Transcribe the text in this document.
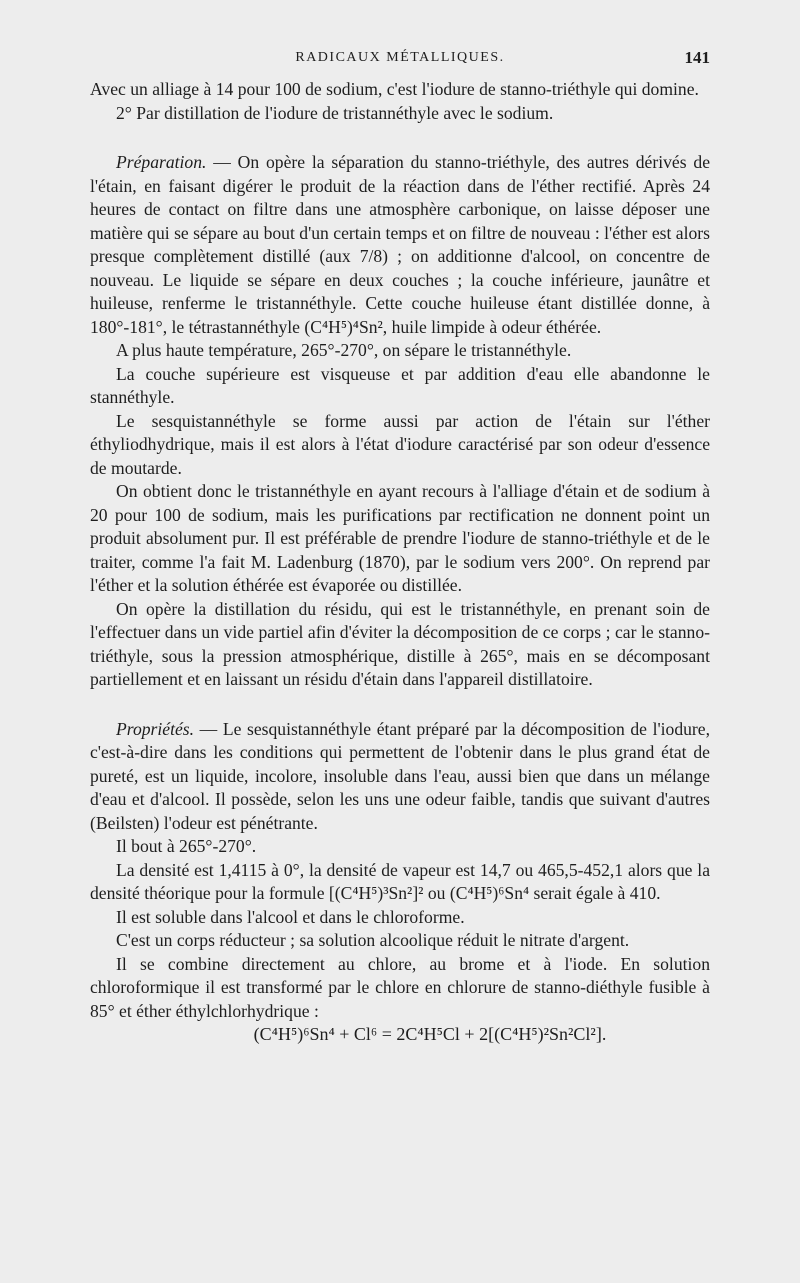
RADICAUX MÉTALLIQUES.	141

Avec un alliage à 14 pour 100 de sodium, c'est l'iodure de stanno-triéthyle qui domine.

2° Par distillation de l'iodure de tristannéthyle avec le sodium.

Préparation. — On opère la séparation du stanno-triéthyle, des autres dérivés de l'étain, en faisant digérer le produit de la réaction dans de l'éther rectifié. Après 24 heures de contact on filtre dans une atmosphère carbonique, on laisse déposer une matière qui se sépare au bout d'un certain temps et on filtre de nouveau : l'éther est alors presque complètement distillé (aux 7/8) ; on additionne d'alcool, on concentre de nouveau. Le liquide se sépare en deux couches ; la couche inférieure, jaunâtre et huileuse, renferme le tristannéthyle. Cette couche huileuse étant distillée donne, à 180°-181°, le tétrastannéthyle (C⁴H⁵)⁴Sn², huile limpide à odeur éthérée.

A plus haute température, 265°-270°, on sépare le tristannéthyle.

La couche supérieure est visqueuse et par addition d'eau elle abandonne le stannéthyle.

Le sesquistannéthyle se forme aussi par action de l'étain sur l'éther éthyliodhydrique, mais il est alors à l'état d'iodure caractérisé par son odeur d'essence de moutarde.

On obtient donc le tristannéthyle en ayant recours à l'alliage d'étain et de sodium à 20 pour 100 de sodium, mais les purifications par rectification ne donnent point un produit absolument pur. Il est préférable de prendre l'iodure de stanno-triéthyle et de le traiter, comme l'a fait M. Ladenburg (1870), par le sodium vers 200°. On reprend par l'éther et la solution éthérée est évaporée ou distillée.

On opère la distillation du résidu, qui est le tristannéthyle, en prenant soin de l'effectuer dans un vide partiel afin d'éviter la décomposition de ce corps ; car le stanno-triéthyle, sous la pression atmosphérique, distille à 265°, mais en se décomposant partiellement et en laissant un résidu d'étain dans l'appareil distillatoire.

Propriétés. — Le sesquistannéthyle étant préparé par la décomposition de l'iodure, c'est-à-dire dans les conditions qui permettent de l'obtenir dans le plus grand état de pureté, est un liquide, incolore, insoluble dans l'eau, aussi bien que dans un mélange d'eau et d'alcool. Il possède, selon les uns une odeur faible, tandis que suivant d'autres (Beilsten) l'odeur est pénétrante.

Il bout à 265°-270°.

La densité est 1,4115 à 0°, la densité de vapeur est 14,7 ou 465,5-452,1 alors que la densité théorique pour la formule [(C⁴H⁵)³Sn²]² ou (C⁴H⁵)⁶Sn⁴ serait égale à 410.

Il est soluble dans l'alcool et dans le chloroforme.

C'est un corps réducteur ; sa solution alcoolique réduit le nitrate d'argent.

Il se combine directement au chlore, au brome et à l'iode. En solution chloroformique il est transformé par le chlore en chlorure de stanno-diéthyle fusible à 85° et éther éthylchlorhydrique :

(C⁴H⁵)⁶Sn⁴ + Cl⁶ = 2C⁴H⁵Cl + 2[(C⁴H⁵)²Sn²Cl²].
